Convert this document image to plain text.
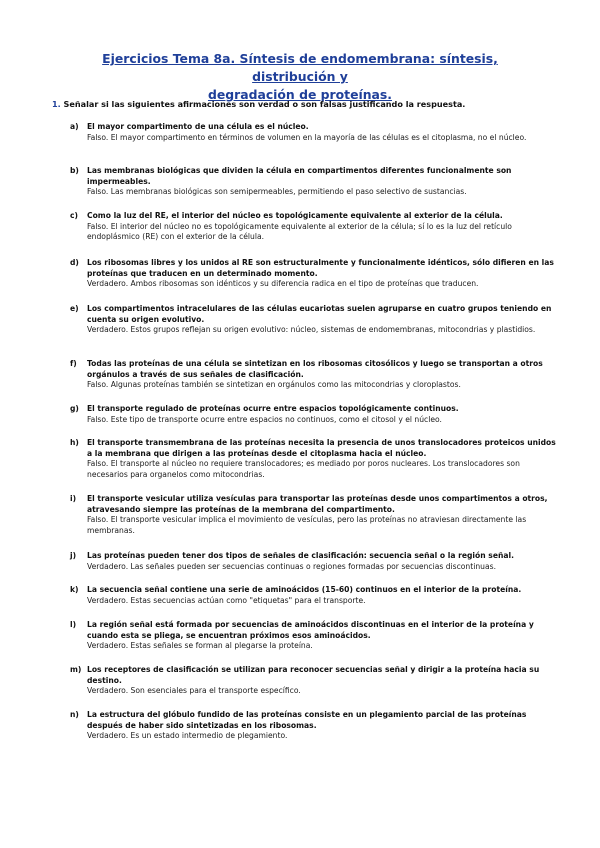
Ejercicios Tema 8a. Síntesis de endomembrana: síntesis, distribución y
degradación de proteínas.
1. Señalar si las siguientes afirmaciones son verdad o son falsas justificando la respuesta.
a) El mayor compartimento de una célula es el núcleo.
Falso. El mayor compartimento en términos de volumen en la mayoría de las células es el citoplasma, no el núcleo.
b) Las membranas biológicas que dividen la célula en compartimentos diferentes funcionalmente son impermeables.
Falso. Las membranas biológicas son semipermeables, permitiendo el paso selectivo de sustancias.
c) Como la luz del RE, el interior del núcleo es topológicamente equivalente al exterior de la célula.
Falso. El interior del núcleo no es topológicamente equivalente al exterior de la célula; sí lo es la luz del retículo endoplásmico (RE) con el exterior de la célula.
d) Los ribosomas libres y los unidos al RE son estructuralmente y funcionalmente idénticos, sólo difieren en las proteínas que traducen en un determinado momento.
Verdadero. Ambos ribosomas son idénticos y su diferencia radica en el tipo de proteínas que traducen.
e) Los compartimentos intracelulares de las células eucariotas suelen agruparse en cuatro grupos teniendo en cuenta su origen evolutivo.
Verdadero. Estos grupos reflejan su origen evolutivo: núcleo, sistemas de endomembranas, mitocondrias y plastidios.
f) Todas las proteínas de una célula se sintetizan en los ribosomas citosólicos y luego se transportan a otros orgánulos a través de sus señales de clasificación.
Falso. Algunas proteínas también se sintetizan en orgánulos como las mitocondrias y cloroplastos.
g) El transporte regulado de proteínas ocurre entre espacios topológicamente continuos.
Falso. Este tipo de transporte ocurre entre espacios no continuos, como el citosol y el núcleo.
h) El transporte transmembrana de las proteínas necesita la presencia de unos translocadores proteicos unidos a la membrana que dirigen a las proteínas desde el citoplasma hacia el núcleo.
Falso. El transporte al núcleo no requiere translocadores; es mediado por poros nucleares. Los translocadores son necesarios para organelos como mitocondrias.
i) El transporte vesicular utiliza vesículas para transportar las proteínas desde unos compartimentos a otros, atravesando siempre las proteínas de la membrana del compartimento.
Falso. El transporte vesicular implica el movimiento de vesículas, pero las proteínas no atraviesan directamente las membranas.
j) Las proteínas pueden tener dos tipos de señales de clasificación: secuencia señal o la región señal.
Verdadero. Las señales pueden ser secuencias continuas o regiones formadas por secuencias discontinuas.
k) La secuencia señal contiene una serie de aminoácidos (15-60) continuos en el interior de la proteína.
Verdadero. Estas secuencias actúan como "etiquetas" para el transporte.
l) La región señal está formada por secuencias de aminoácidos discontinuas en el interior de la proteína y cuando esta se pliega, se encuentran próximos esos aminoácidos.
Verdadero. Estas señales se forman al plegarse la proteína.
m) Los receptores de clasificación se utilizan para reconocer secuencias señal y dirigir a la proteína hacia su destino.
Verdadero. Son esenciales para el transporte específico.
n) La estructura del glóbulo fundido de las proteínas consiste en un plegamiento parcial de las proteínas después de haber sido sintetizadas en los ribosomas.
Verdadero. Es un estado intermedio de plegamiento.
